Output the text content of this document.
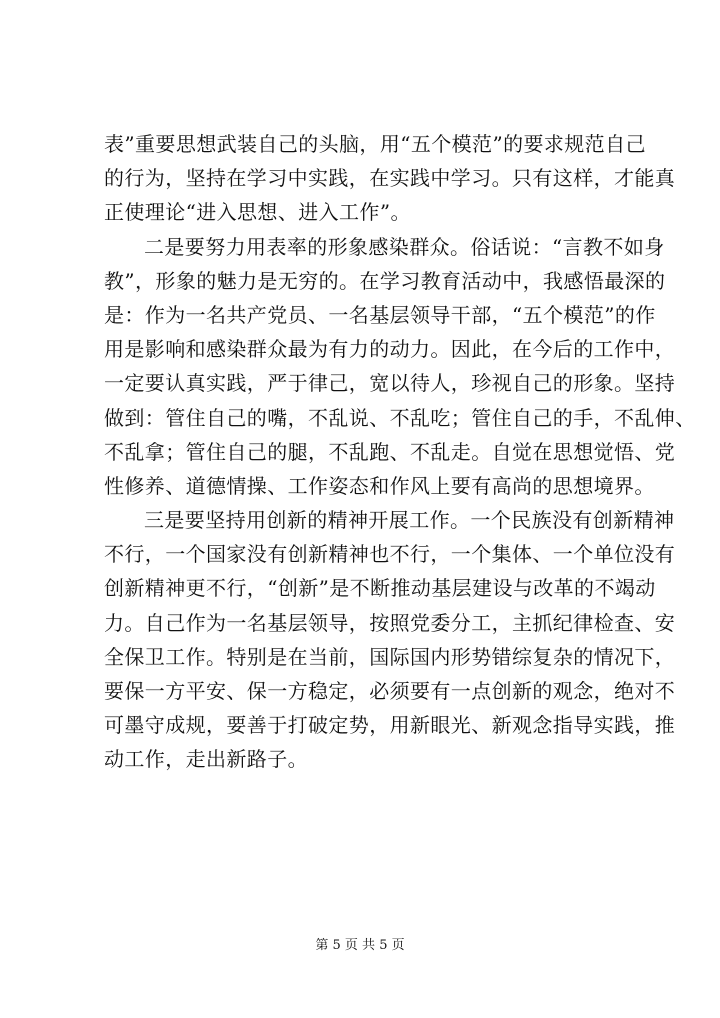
表”重要思想武装自己的头脑，用“五个模范”的要求规范自己
的行为，坚持在学习中实践，在实践中学习。只有这样，才能真
正使理论“进入思想、进入工作”。
二是要努力用表率的形象感染群众。俗话说：“言教不如身
教”，形象的魅力是无穷的。在学习教育活动中，我感悟最深的
是：作为一名共产党员、一名基层领导干部，“五个模范”的作
用是影响和感染群众最为有力的动力。因此，在今后的工作中，
一定要认真实践，严于律己，宽以待人，珍视自己的形象。坚持
做到：管住自己的嘴，不乱说、不乱吃；管住自己的手，不乱伸、
不乱拿；管住自己的腿，不乱跑、不乱走。自觉在思想觉悟、党
性修养、道德情操、工作姿态和作风上要有高尚的思想境界。
三是要坚持用创新的精神开展工作。一个民族没有创新精神
不行，一个国家没有创新精神也不行，一个集体、一个单位没有
创新精神更不行，“创新”是不断推动基层建设与改革的不竭动
力。自己作为一名基层领导，按照党委分工，主抓纪律检查、安
全保卫工作。特别是在当前，国际国内形势错综复杂的情况下，
要保一方平安、保一方稳定，必须要有一点创新的观念，绝对不
可墨守成规，要善于打破定势，用新眼光、新观念指导实践，推
动工作，走出新路子。
第 5 页 共 5 页
